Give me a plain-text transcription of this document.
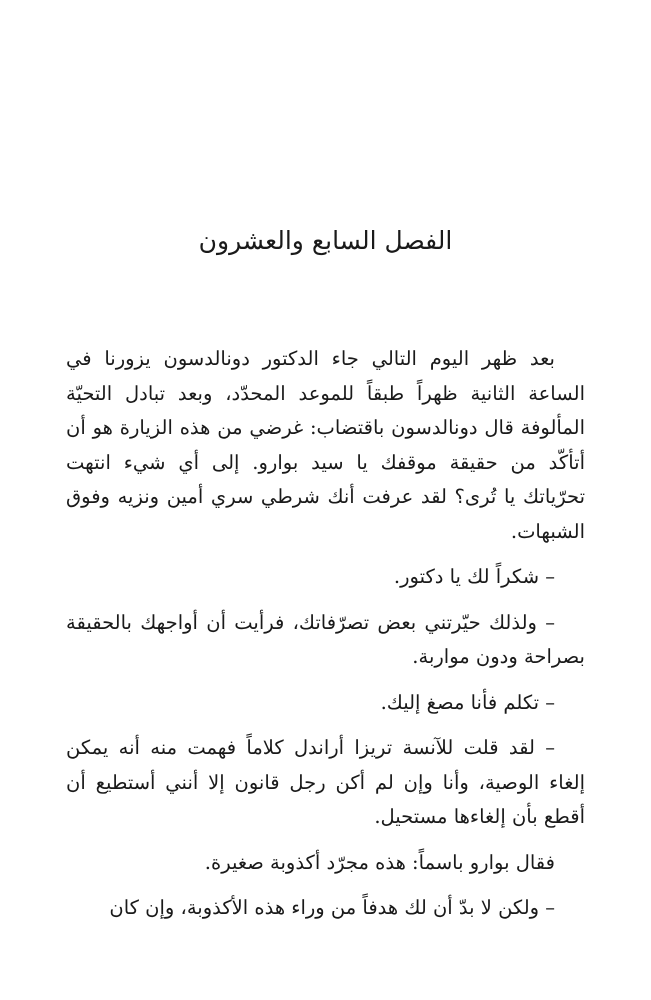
الفصل السابع والعشرون

بعد ظهر اليوم التالي جاء الدكتور دونالدسون يزورنا في الساعة الثانية ظهراً طبقاً للموعد المحدّد، وبعد تبادل التحيّة المألوفة قال دونالدسون باقتضاب: غرضي من هذه الزيارة هو أن أتأكّد من حقيقة موقفك يا سيد بوارو. إلى أي شيء انتهت تحرّياتك يا تُرى؟ لقد عرفت أنك شرطي سري أمين ونزيه وفوق الشبهات.

– شكراً لك يا دكتور.

– ولذلك حيّرتني بعض تصرّفاتك، فرأيت أن أواجهك بالحقيقة بصراحة ودون مواربة.

– تكلم فأنا مصغ إليك.

– لقد قلت للآنسة تريزا أراندل كلاماً فهمت منه أنه يمكن إلغاء الوصية، وأنا وإن لم أكن رجل قانون إلا أنني أستطيع أن أقطع بأن إلغاءها مستحيل.

فقال بوارو باسماً: هذه مجرّد أكذوبة صغيرة.

– ولكن لا بدّ أن لك هدفاً من وراء هذه الأكذوبة، وإن كان
